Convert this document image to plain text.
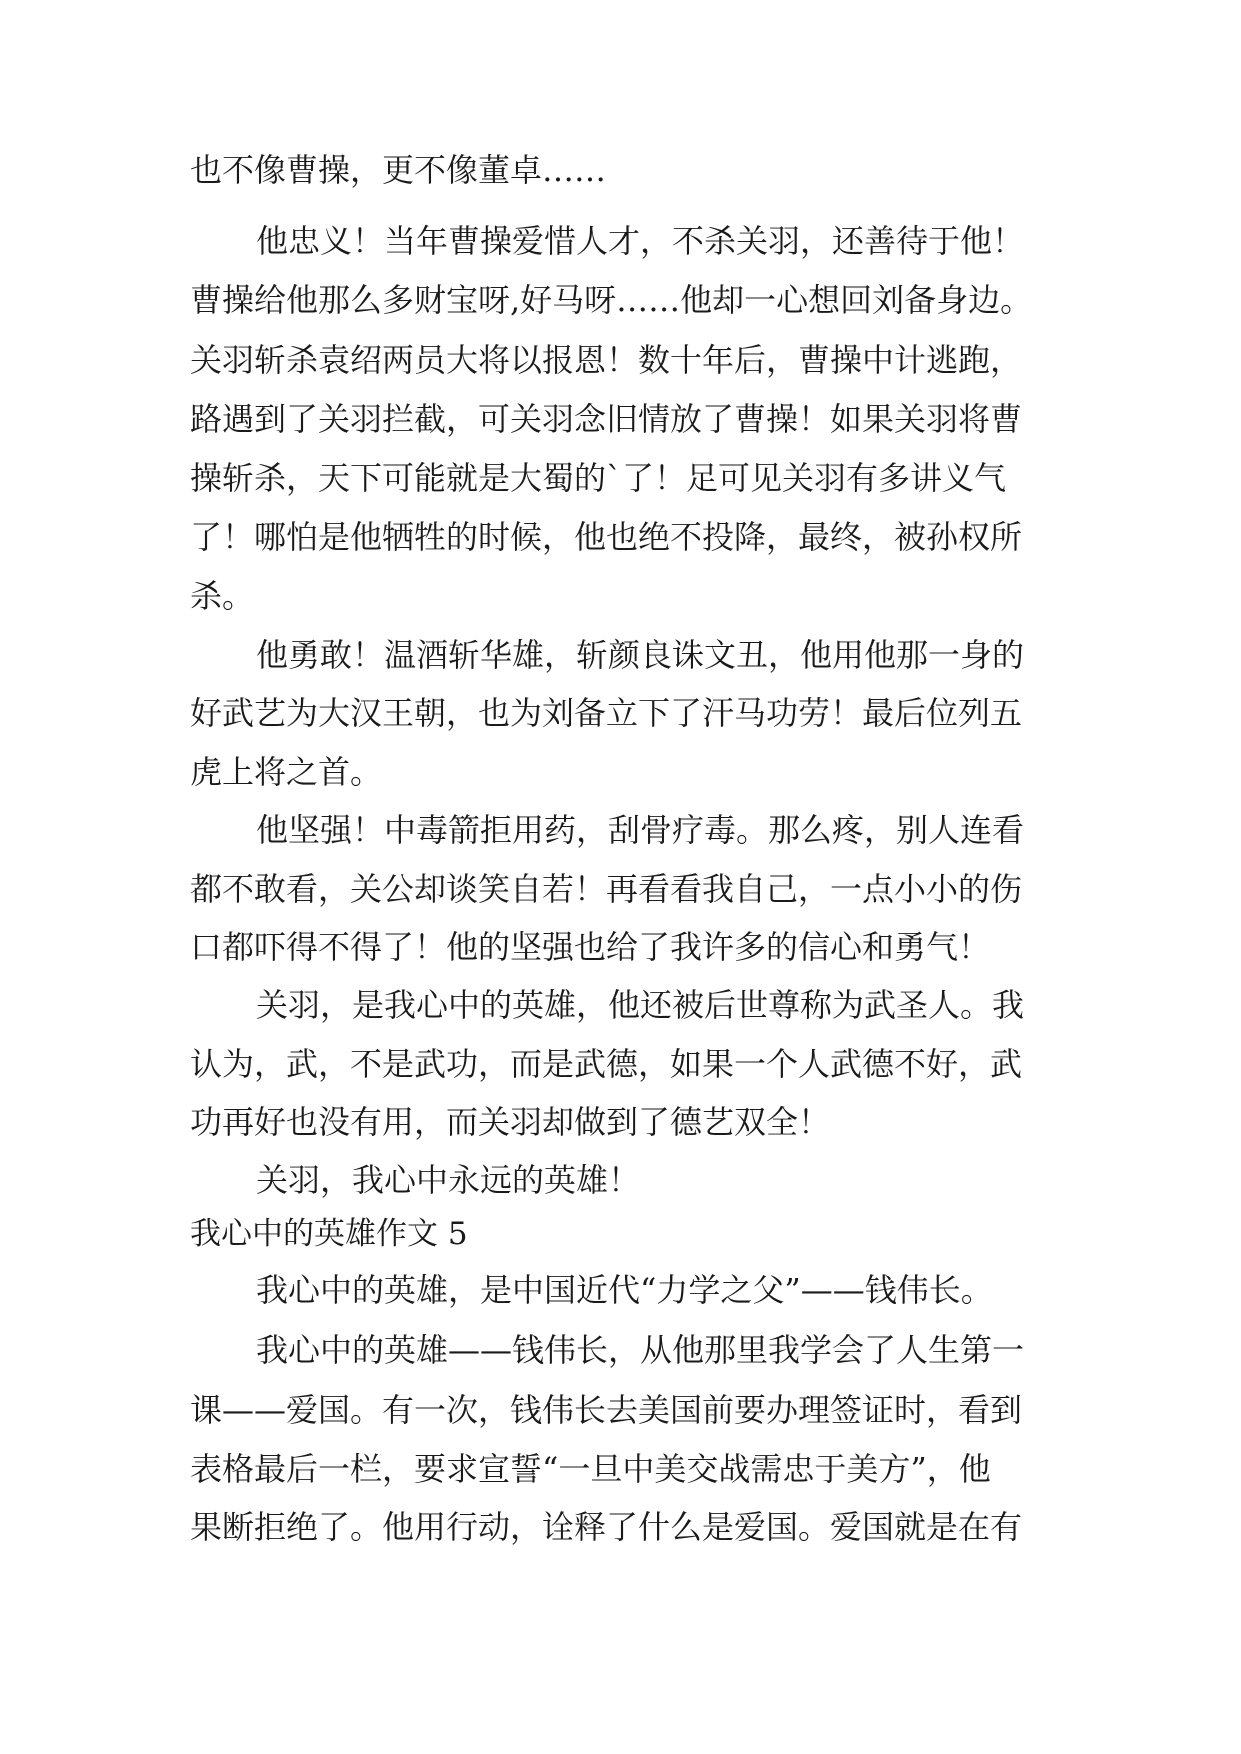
也不像曹操，更不像董卓……
他忠义！当年曹操爱惜人才，不杀关羽，还善待于他！
曹操给他那么多财宝呀,好马呀……他却一心想回刘备身边。
关羽斩杀袁绍两员大将以报恩！数十年后，曹操中计逃跑，
路遇到了关羽拦截，可关羽念旧情放了曹操！如果关羽将曹
操斩杀，天下可能就是大蜀的`了！足可见关羽有多讲义气
了！哪怕是他牺牲的时候，他也绝不投降，最终，被孙权所
杀。
他勇敢！温酒斩华雄，斩颜良诛文丑，他用他那一身的
好武艺为大汉王朝，也为刘备立下了汗马功劳！最后位列五
虎上将之首。
他坚强！中毒箭拒用药，刮骨疗毒。那么疼，别人连看
都不敢看，关公却谈笑自若！再看看我自己，一点小小的伤
口都吓得不得了！他的坚强也给了我许多的信心和勇气！
关羽，是我心中的英雄，他还被后世尊称为武圣人。我
认为，武，不是武功，而是武德，如果一个人武德不好，武
功再好也没有用，而关羽却做到了德艺双全！
关羽，我心中永远的英雄！
我心中的英雄作文 5
我心中的英雄，是中国近代“力学之父”——钱伟长。
我心中的英雄——钱伟长，从他那里我学会了人生第一
课——爱国。有一次，钱伟长去美国前要办理签证时，看到
表格最后一栏，要求宣誓“一旦中美交战需忠于美方”，他
果断拒绝了。他用行动，诠释了什么是爱国。爱国就是在有
